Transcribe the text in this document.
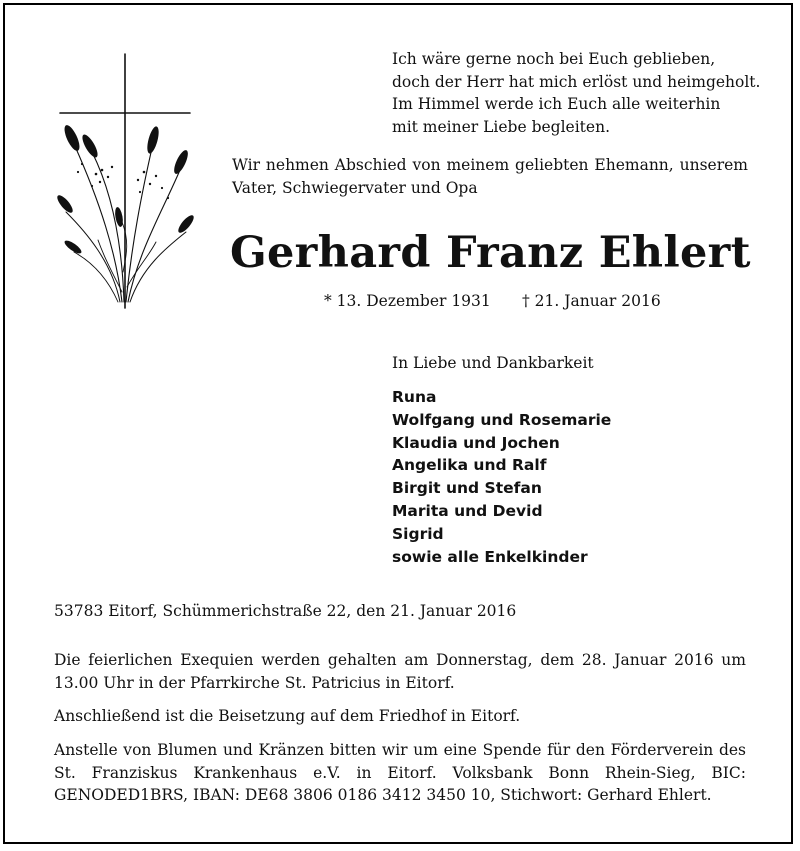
Ich wäre gerne noch bei Euch geblieben,
doch der Herr hat mich erlöst und heimgeholt.
Im Himmel werde ich Euch alle weiterhin
mit meiner Liebe begleiten.
Wir nehmen Abschied von meinem geliebten Ehemann, unserem Vater, Schwiegervater und Opa
Gerhard Franz Ehlert
* 13. Dezember 1931 † 21. Januar 2016
In Liebe und Dankbarkeit
Runa
Wolfgang und Rosemarie
Klaudia und Jochen
Angelika und Ralf
Birgit und Stefan
Marita und Devid
Sigrid
sowie alle Enkelkinder
53783 Eitorf, Schümmerichstraße 22, den 21. Januar 2016
Die feierlichen Exequien werden gehalten am Donnerstag, dem 28. Januar 2016 um 13.00 Uhr in der Pfarrkirche St. Patricius in Eitorf.
Anschließend ist die Beisetzung auf dem Friedhof in Eitorf.
Anstelle von Blumen und Kränzen bitten wir um eine Spende für den Förderverein des St. Franziskus Krankenhaus e.V. in Eitorf. Volksbank Bonn Rhein-Sieg, BIC: GENODED1BRS, IBAN: DE68 3806 0186 3412 3450 10, Stichwort: Gerhard Ehlert.
